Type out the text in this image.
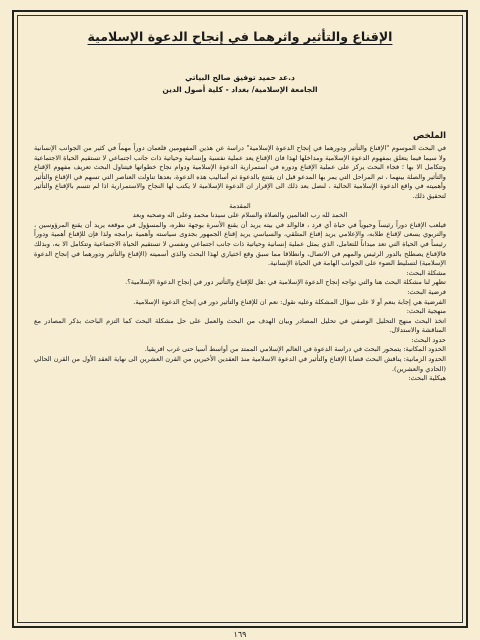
الإقناع والتأثير واثرهما في إنجاح الدعوة الإسلامية
د.عد حميد توفيق صالح البياتي
الجامعة الإسلامية/ بغداد - كلية أصول الدين
الملخص

في البحث الموسوم "الإقناع والتأثير ودورهما في إنجاح الدعوة الإسلامية" دراسة عن هذين المفهومين فلعمان دوراً مهماً في كثير من الجوانب الإنسانية ولا سيما فيما يتعلق بمفهوم الدعوة الإسلامية ومداخلها لهذا فان الإقناع يعد عملية نفسية وإنسانية وحياتية ذات جانب اجتماعي لا تستقيم الحياة الاجتماعية وتتكامل الا بها ؛ فجاء البحث يركز على عملية الإقناع ودوره في استمرارية الدعوة الإسلامية ودوام نجاح خطواتها فيتناول البحث تعريف مفهوم الإقناع والتأثير والصلة بينهما ، ثم المراحل التي يمر بها المدعو قبل ان يقتنع بالدعوة ثم أساليب هذه الدعوة، بعدها تناولت العناصر التي تسهم في الإقناع والتأثير وأهميته في واقع الدعوة الإسلامية الحالية ، لنصل بعد ذلك الى الإقرار ان الدعوة الإسلامية لا يكتب لها النجاح والاستمرارية اذا لم تتسم بالإقناع والتأثير لتحقيق ذلك.

المقدمة

الحمد لله رب العالمين والصلاة والسلام على سيدنا محمد وعلى اله وصحبه وبعد

فيلعب الإقناع دوراً رئيساً وحيوياً في حياة أي فرد ، فالوالد في بيته يريد أن يقنع الأسرة بوجهة نظره، والمسؤول في موقعه يريد أن يقنع المرؤوسين ، والتربوي يسعى لإقناع طلابه، والإعلامي يريد إقناع المتلقي، والسياسي يريد إقناع الجمهور بجدوى سياسته وأهمية برامجه ولذا فإن للإقناع أهمية ودوراً رئيساً في الحياة التي تعد ميداناً للتعامل، الذي يمثل عملية إنسانية وحياتية ذات جانب اجتماعي ونفسي لا تستقيم الحياة الاجتماعية وتتكامل الا به، وبذلك فالإقناع يصطلح بالدور الرئيس والمهم في الاتصال، وانطلاقا مما سبق وقع اختياري لهذا البحث والذي أسميته (الإقناع والتأثير ودورهما في إنجاح الدعوة الإسلامية) لتسليط الضوء على الجوانب الهامة في الحياة الإنسانية.

مشكلة البحث:

تظهر لنا مشكلة البحث هنا والتي تواجه إنجاح الدعوة الإسلامية في :هل للإقناع والتأثير دور في إنجاح الدعوة الإسلامية؟.

فرضية البحث:

الفرضية هي إجابة بنعم أو لا على سؤال المشكلة وعليه نقول: نعم ان للإقناع والتأثير دور في إنجاح الدعوة الإسلامية.

منهجية البحث:

اتخذ البحث منهج التحليل الوصفي في تحليل المصادر وبيان الهدف من البحث والعمل على حل مشكلة البحث كما التزم الباحث بذكر المصادر مع المناقشة والاستدلال.

حدود البحث:

الحدود المكانية: يتمحور البحث في دراسة الدعوة في العالم الإسلامي الممتد من أواسط أسيا حتى غرب افريقيا.

الحدود الزمانية: يناقش البحث قضايا الإقناع والتأثير في الدعوة الاسلامية منذ العقدين الأخيرين من القرن العشرين الى نهاية العقد الأول من القرن الحالي (الحادي والعشرين).

هيكلية البحث:

١٦٩
